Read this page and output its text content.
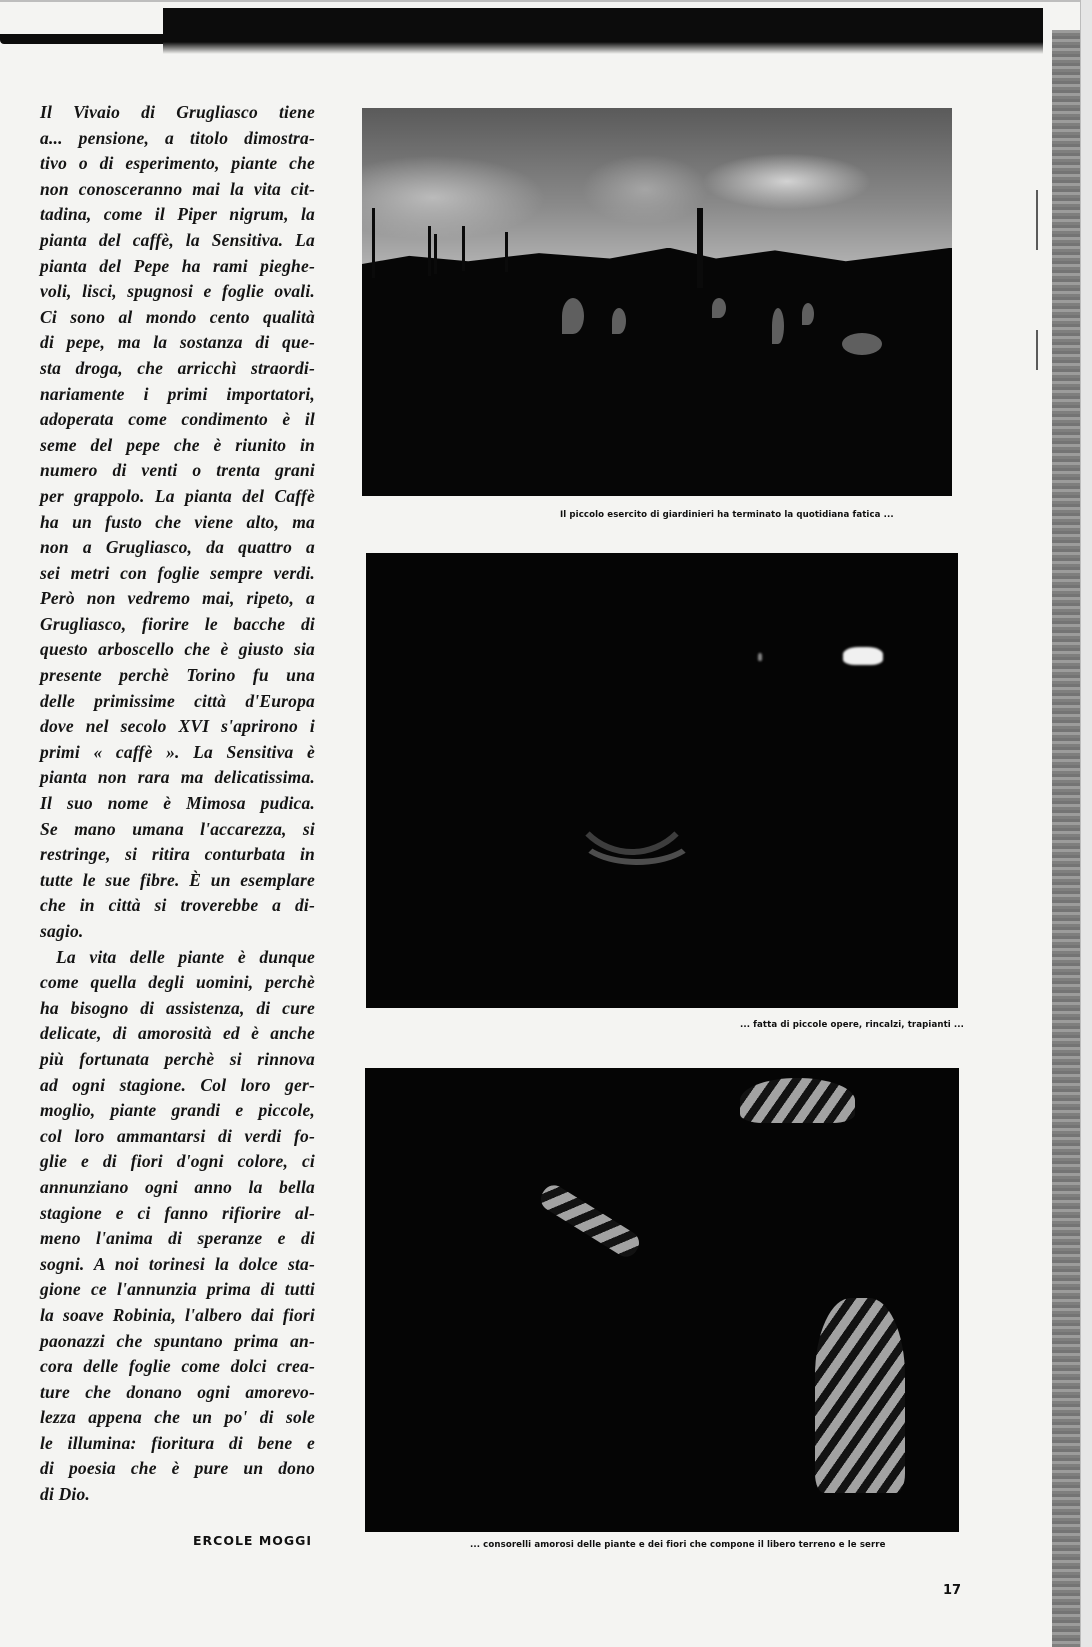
Il Vivaio di Grugliasco tiene
a... pensione, a titolo dimostra-
tivo o di esperimento, piante che
non conosceranno mai la vita cit-
tadina, come il Piper nigrum, la
pianta del caffè, la Sensitiva. La
pianta del Pepe ha rami pieghe-
voli, lisci, spugnosi e foglie ovali.
Ci sono al mondo cento qualità
di pepe, ma la sostanza di que-
sta droga, che arricchì straordi-
nariamente i primi importatori,
adoperata come condimento è il
seme del pepe che è riunito in
numero di venti o trenta grani
per grappolo. La pianta del Caffè
ha un fusto che viene alto, ma
non a Grugliasco, da quattro a
sei metri con foglie sempre verdi.
Però non vedremo mai, ripeto, a
Grugliasco, fiorire le bacche di
questo arboscello che è giusto sia
presente perchè Torino fu una
delle primissime città d'Europa
dove nel secolo XVI s'aprirono i
primi « caffè ». La Sensitiva è
pianta non rara ma delicatissima.
Il suo nome è Mimosa pudica.
Se mano umana l'accarezza, si
restringe, si ritira conturbata in
tutte le sue fibre. È un esemplare
che in città si troverebbe a di-
sagio.
La vita delle piante è dunque
come quella degli uomini, perchè
ha bisogno di assistenza, di cure
delicate, di amorosità ed è anche
più fortunata perchè si rinnova
ad ogni stagione. Col loro ger-
moglio, piante grandi e piccole,
col loro ammantarsi di verdi fo-
glie e di fiori d'ogni colore, ci
annunziano ogni anno la bella
stagione e ci fanno rifiorire al-
meno l'anima di speranze e di
sogni. A noi torinesi la dolce sta-
gione ce l'annunzia prima di tutti
la soave Robinia, l'albero dai fiori
paonazzi che spuntano prima an-
cora delle foglie come dolci crea-
ture che donano ogni amorevo-
lezza appena che un po' di sole
le illumina: fioritura di bene e
di poesia che è pure un dono
di Dio.
ERCOLE MOGGI
Il piccolo esercito di giardinieri ha terminato la quotidiana fatica ...
... fatta di piccole opere, rincalzi, trapianti ...
... consorelli amorosi delle piante e dei fiori che compone il libero terreno e le serre
17
